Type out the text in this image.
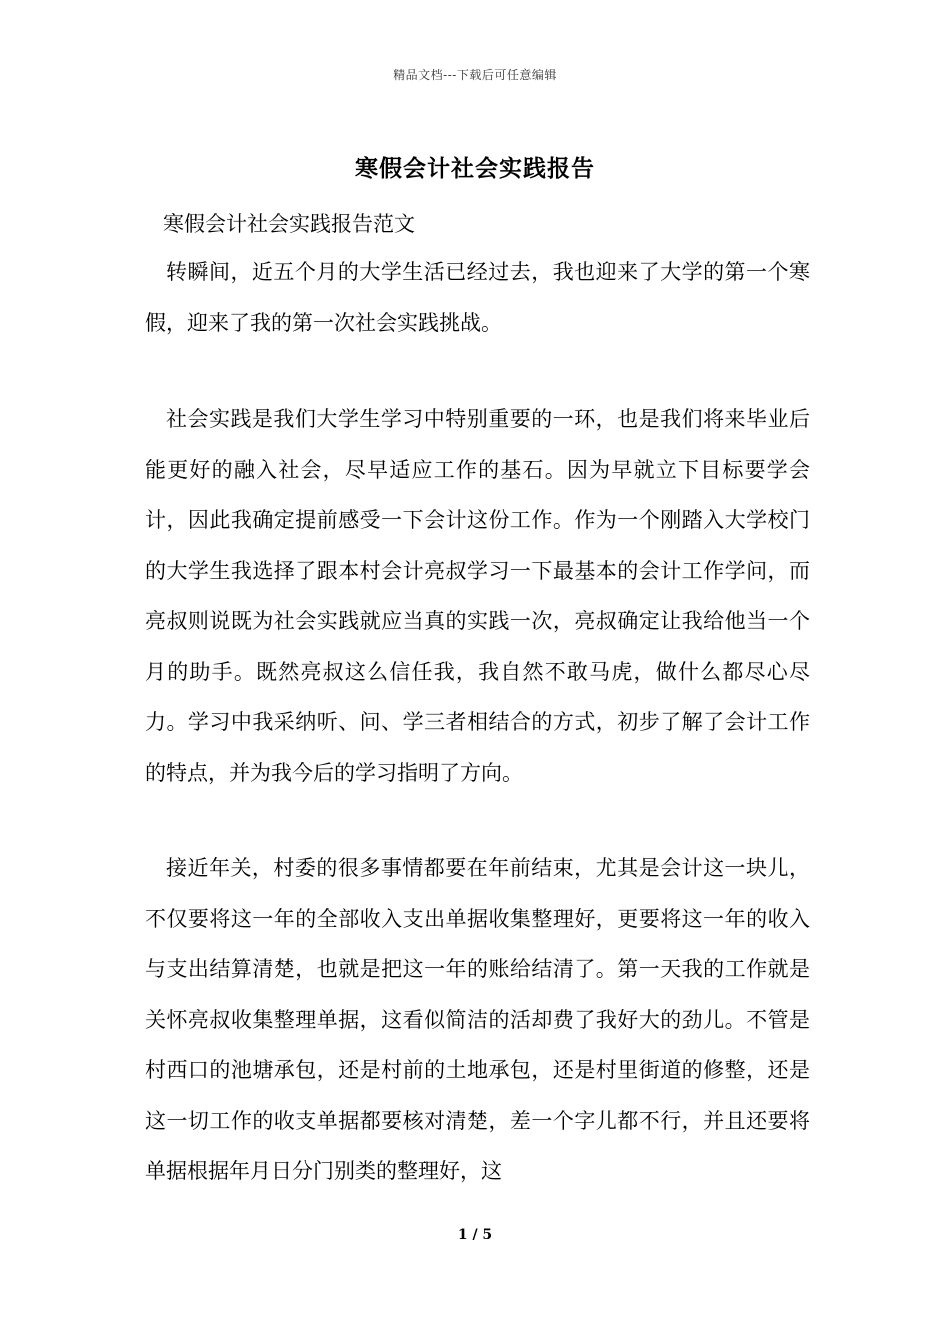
精品文档---下载后可任意编辑
寒假会计社会实践报告
寒假会计社会实践报告范文

转瞬间，近五个月的大学生活已经过去，我也迎来了大学的第一个寒假，迎来了我的第一次社会实践挑战。

社会实践是我们大学生学习中特别重要的一环，也是我们将来毕业后能更好的融入社会，尽早适应工作的基石。因为早就立下目标要学会计，因此我确定提前感受一下会计这份工作。作为一个刚踏入大学校门的大学生我选择了跟本村会计亮叔学习一下最基本的会计工作学问，而亮叔则说既为社会实践就应当真的实践一次，亮叔确定让我给他当一个月的助手。既然亮叔这么信任我，我自然不敢马虎，做什么都尽心尽力。学习中我采纳听、问、学三者相结合的方式，初步了解了会计工作的特点，并为我今后的学习指明了方向。

接近年关，村委的很多事情都要在年前结束，尤其是会计这一块儿，不仅要将这一年的全部收入支出单据收集整理好，更要将这一年的收入与支出结算清楚，也就是把这一年的账给结清了。第一天我的工作就是关怀亮叔收集整理单据，这看似简洁的活却费了我好大的劲儿。不管是村西口的池塘承包，还是村前的土地承包，还是村里街道的修整，还是这一切工作的收支单据都要核对清楚，差一个字儿都不行，并且还要将单据根据年月日分门别类的整理好，这

1 / 5
